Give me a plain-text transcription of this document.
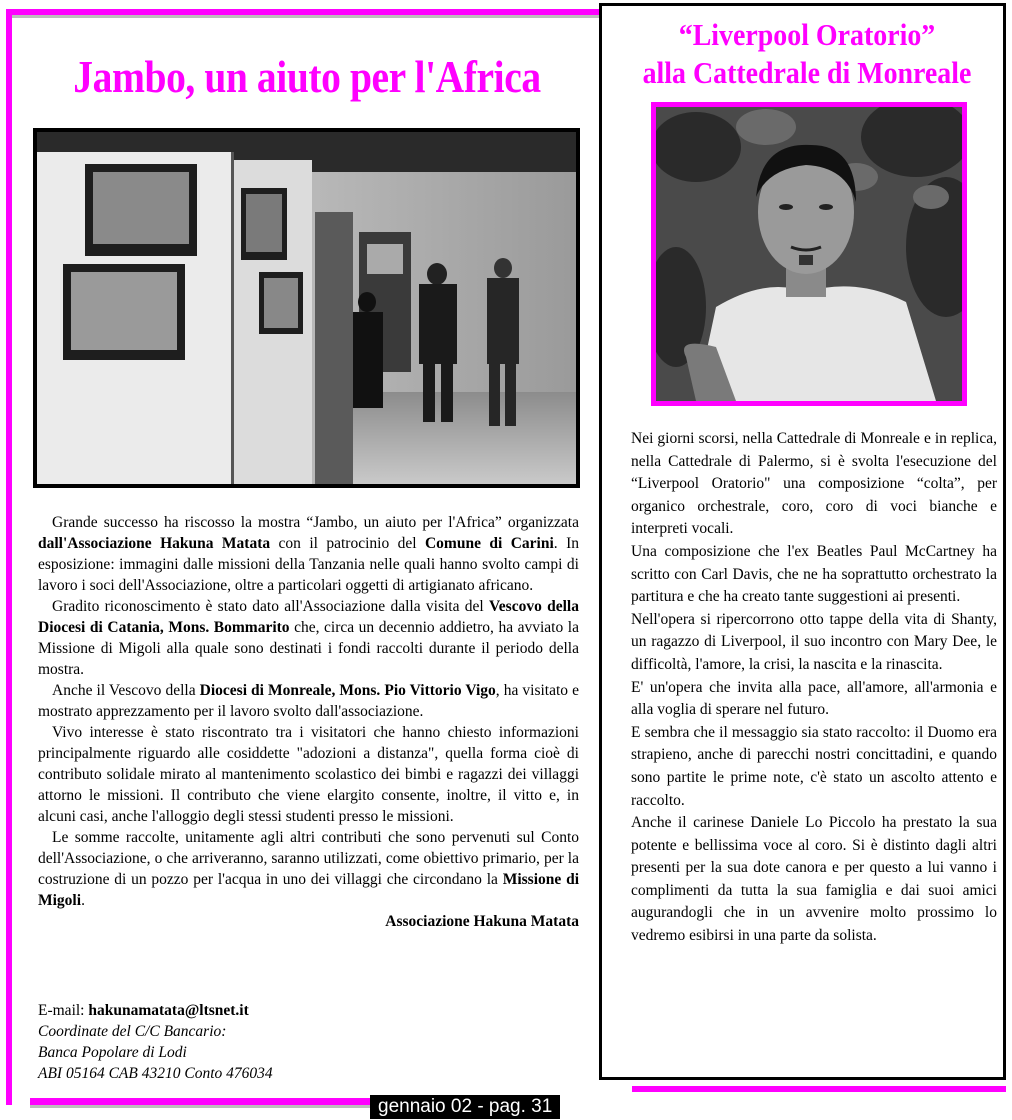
Jambo, un aiuto per l'Africa

Grande successo ha riscosso la mostra “Jambo, un aiuto per l'Africa” organizzata dall'Associazione Hakuna Matata con il patrocinio del Comune di Carini. In esposizione: immagini dalle missioni della Tanzania nelle quali hanno svolto campi di lavoro i soci dell'Associazione, oltre a particolari oggetti di artigianato africano.

Gradito riconoscimento è stato dato all'Associazione dalla visita del Vescovo della Diocesi di Catania, Mons. Bommarito che, circa un decennio addietro, ha avviato la Missione di Migoli alla quale sono destinati i fondi raccolti durante il periodo della mostra.

Anche il Vescovo della Diocesi di Monreale, Mons. Pio Vittorio Vigo, ha visitato e mostrato apprezzamento per il lavoro svolto dall'associazione.

Vivo interesse è stato riscontrato tra i visitatori che hanno chiesto informazioni principalmente riguardo alle cosiddette "adozioni a distanza", quella forma cioè di contributo solidale mirato al mantenimento scolastico dei bimbi e ragazzi dei villaggi attorno le missioni. Il contributo che viene elargito consente, inoltre, il vitto e, in alcuni casi, anche l'alloggio degli stessi studenti presso le missioni.

Le somme raccolte, unitamente agli altri contributi che sono pervenuti sul Conto dell'Associazione, o che arriveranno, saranno utilizzati, come obiettivo primario, per la costruzione di un pozzo per l'acqua in uno dei villaggi che circondano la Missione di Migoli.

Associazione Hakuna Matata
E-mail: hakunamatata@ltsnet.it
Coordinate del C/C Bancario:
Banca Popolare di Lodi
ABI 05164 CAB 43210 Conto 476034
“Liverpool Oratorio”
alla Cattedrale di Monreale

Nei giorni scorsi, nella Cattedrale di Monreale e in replica, nella Cattedrale di Palermo, si è svolta l'esecuzione del “Liverpool Oratorio" una composizione “colta”, per organico orchestrale, coro, coro di voci bianche e interpreti vocali.

Una composizione che l'ex Beatles Paul McCartney ha scritto con Carl Davis, che ne ha soprattutto orchestrato la partitura e che ha creato tante suggestioni ai presenti.

Nell'opera si ripercorrono otto tappe della vita di Shanty, un ragazzo di Liverpool, il suo incontro con Mary Dee, le difficoltà, l'amore, la crisi, la nascita e la rinascita.

E' un'opera che invita alla pace, all'amore, all'armonia e alla voglia di sperare nel futuro.

E sembra che il messaggio sia stato raccolto: il Duomo era strapieno, anche di parecchi nostri concittadini, e quando sono partite le prime note, c'è stato un ascolto attento e raccolto.

Anche il carinese Daniele Lo Piccolo ha prestato la sua potente e bellissima voce al coro. Si è distinto dagli altri presenti per la sua dote canora e per questo a lui vanno i complimenti da tutta la sua famiglia e dai suoi amici augurandogli che in un avvenire molto prossimo lo vedremo esibirsi in una parte da solista.

gennaio 02 - pag. 31
